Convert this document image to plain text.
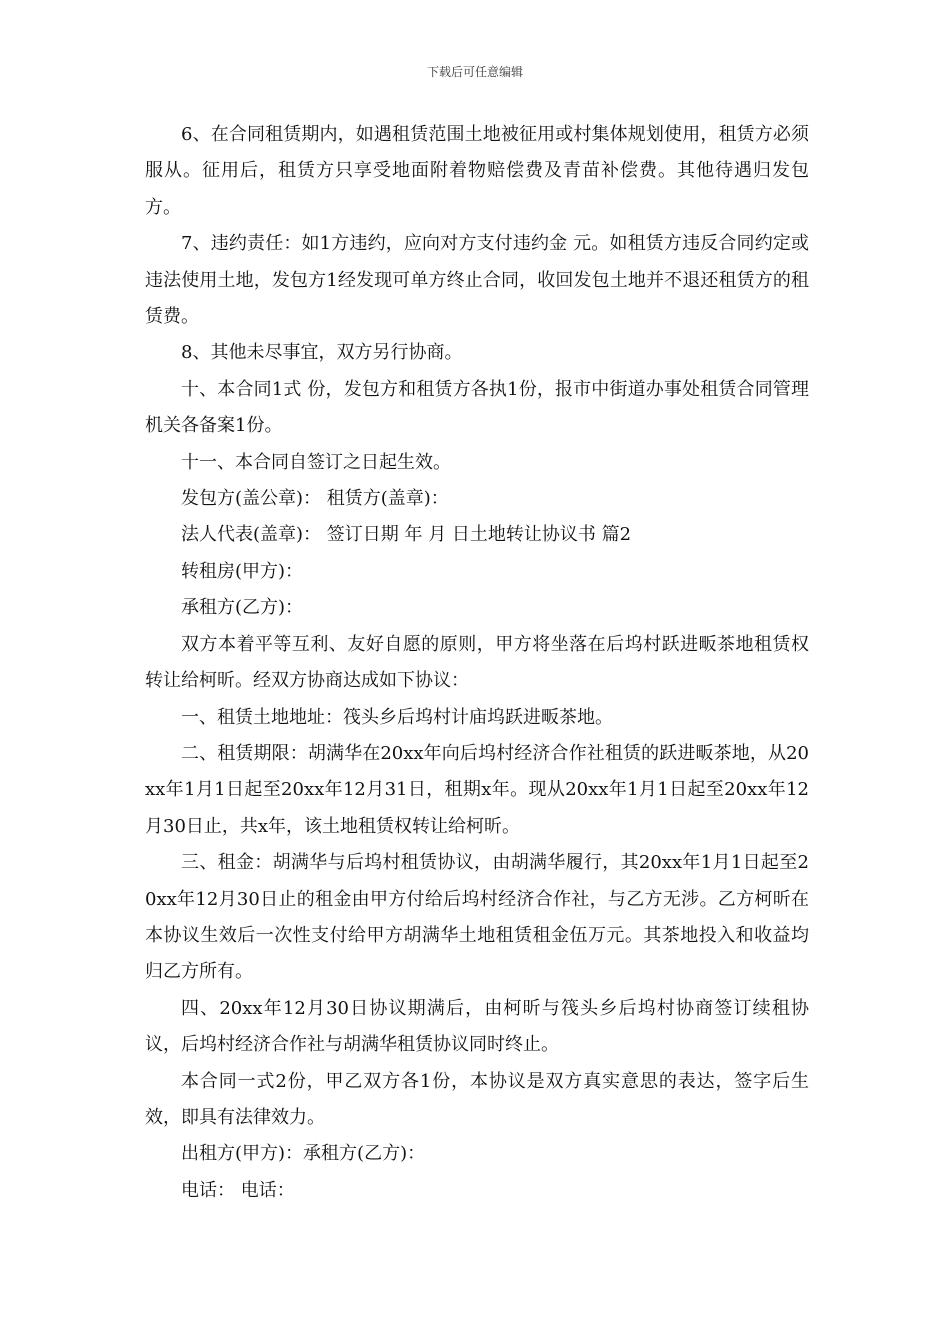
下载后可任意编辑

6、在合同租赁期内，如遇租赁范围土地被征用或村集体规划使用，租赁方必须服从。征用后，租赁方只享受地面附着物赔偿费及青苗补偿费。其他待遇归发包方。

7、违约责任：如1方违约，应向对方支付违约金 元。如租赁方违反合同约定或违法使用土地，发包方1经发现可单方终止合同，收回发包土地并不退还租赁方的租赁费。

8、其他未尽事宜，双方另行协商。

十、本合同1式 份，发包方和租赁方各执1份，报市中街道办事处租赁合同管理机关各备案1份。

十一、本合同自签订之日起生效。

发包方(盖公章)： 租赁方(盖章)：

法人代表(盖章)： 签订日期 年 月 日土地转让协议书 篇2

转租房(甲方)：

承租方(乙方)：

双方本着平等互利、友好自愿的原则，甲方将坐落在后坞村跃进畈茶地租赁权转让给柯昕。经双方协商达成如下协议：

一、租赁土地地址：筏头乡后坞村计庙坞跃进畈茶地。

二、租赁期限：胡满华在20xx年向后坞村经济合作社租赁的跃进畈茶地，从20xx年1月1日起至20xx年12月31日，租期x年。现从20xx年1月1日起至20xx年12月30日止，共x年，该土地租赁权转让给柯昕。

三、租金：胡满华与后坞村租赁协议，由胡满华履行，其20xx年1月1日起至20xx年12月30日止的租金由甲方付给后坞村经济合作社，与乙方无涉。乙方柯昕在本协议生效后一次性支付给甲方胡满华土地租赁租金伍万元。其茶地投入和收益均归乙方所有。

四、20xx年12月30日协议期满后，由柯昕与筏头乡后坞村协商签订续租协议，后坞村经济合作社与胡满华租赁协议同时终止。

本合同一式2份，甲乙双方各1份，本协议是双方真实意思的表达，签字后生效，即具有法律效力。

出租方(甲方)：承租方(乙方)：

电话： 电话：
